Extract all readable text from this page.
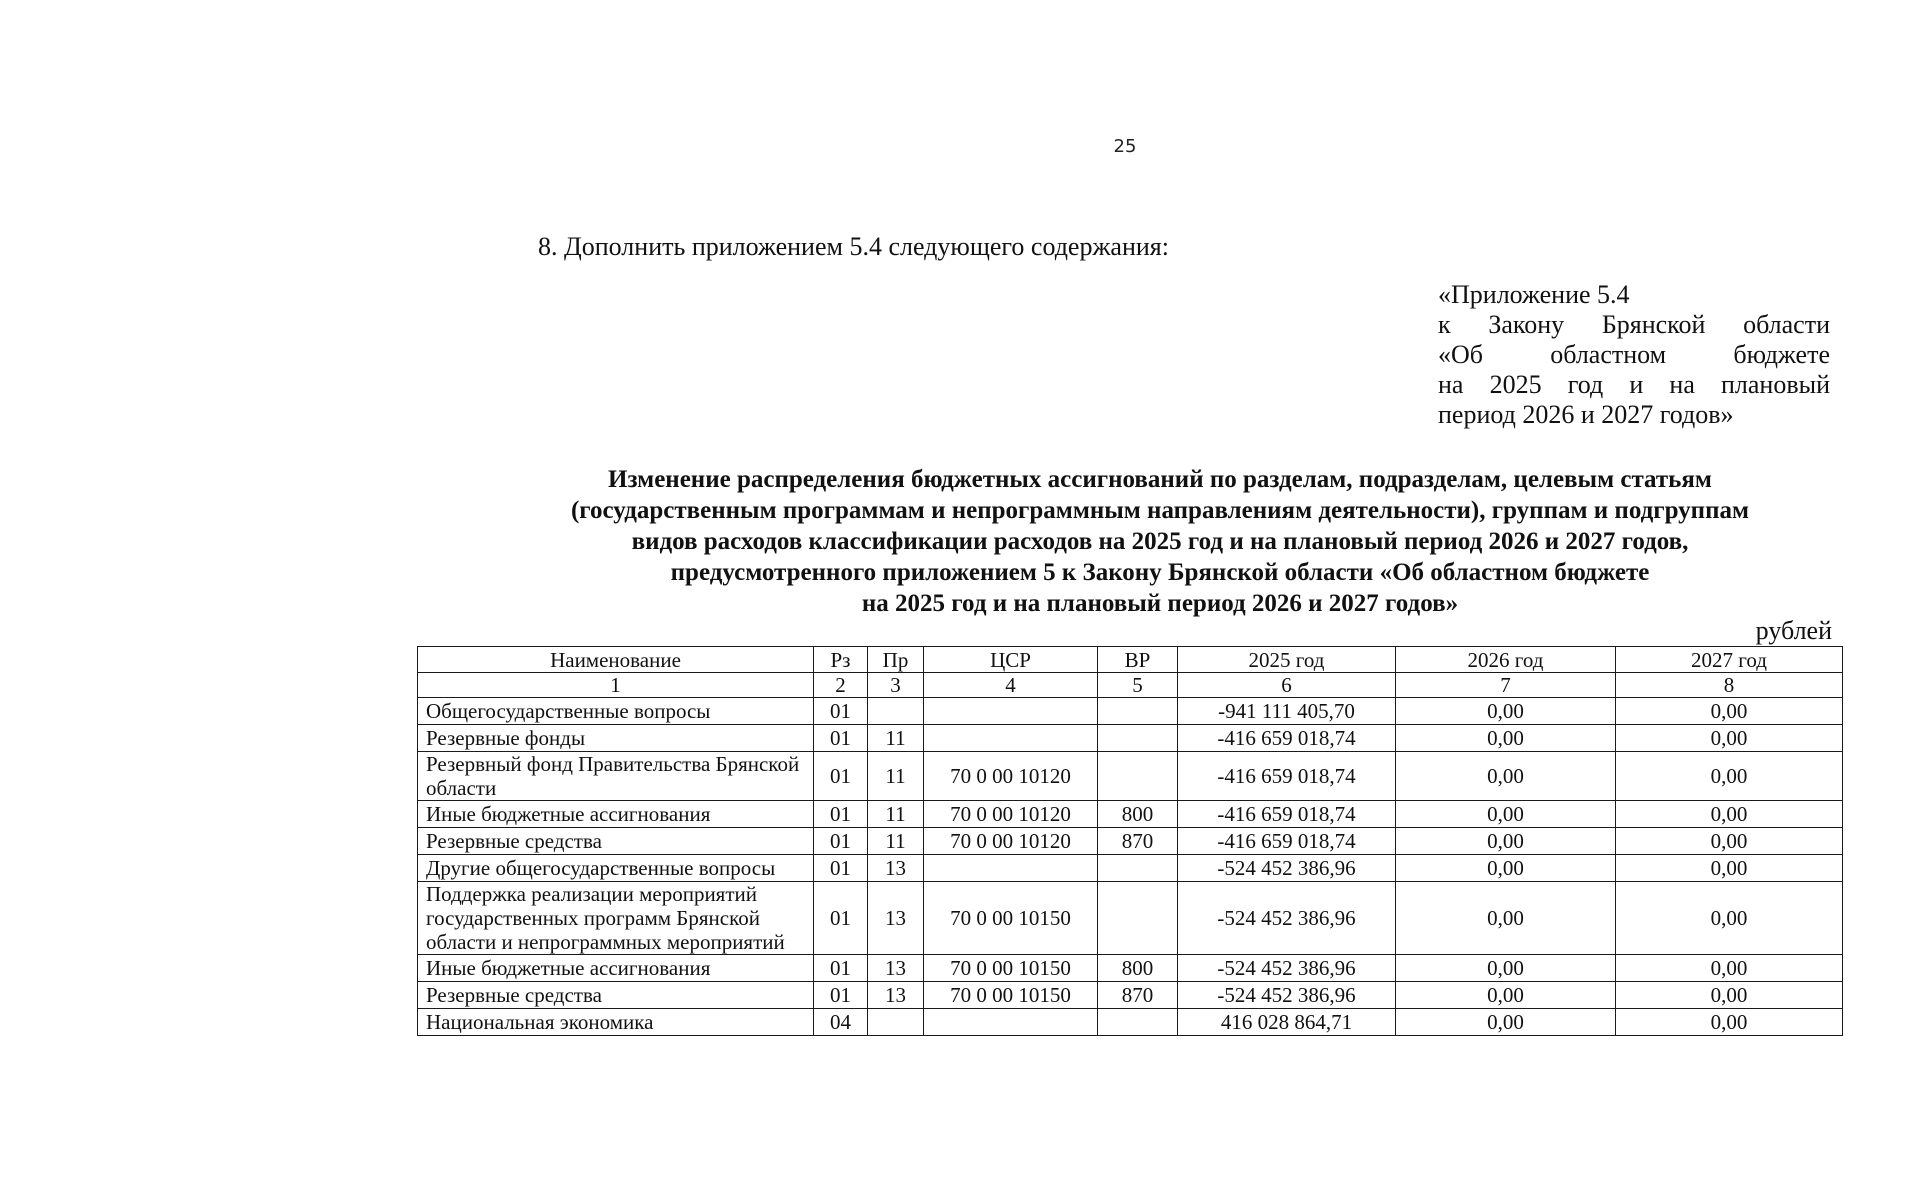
25
8. Дополнить приложением 5.4 следующего содержания:
«Приложение 5.4
к Закону Брянской области
«Об областном бюджете
на 2025 год и на плановый
период 2026 и 2027 годов»
Изменение распределения бюджетных ассигнований по разделам, подразделам, целевым статьям
(государственным программам и непрограммным направлениям деятельности), группам и подгруппам
видов расходов классификации расходов на 2025 год и на плановый период 2026 и 2027 годов,
предусмотренного приложением 5 к Закону Брянской области «Об областном бюджете
на 2025 год и на плановый период 2026 и 2027 годов»
рублей
Наименование	Рз	Пр	ЦСР	ВР	2025 год	2026 год	2027 год
1	2	3	4	5	6	7	8
Общегосударственные вопросы	01				-941 111 405,70	0,00	0,00
Резервные фонды	01	11			-416 659 018,74	0,00	0,00
Резервный фонд Правительства Брянской области	01	11	70 0 00 10120		-416 659 018,74	0,00	0,00
Иные бюджетные ассигнования	01	11	70 0 00 10120	800	-416 659 018,74	0,00	0,00
Резервные средства	01	11	70 0 00 10120	870	-416 659 018,74	0,00	0,00
Другие общегосударственные вопросы	01	13			-524 452 386,96	0,00	0,00
Поддержка реализации мероприятий государственных программ Брянской области и непрограммных мероприятий	01	13	70 0 00 10150		-524 452 386,96	0,00	0,00
Иные бюджетные ассигнования	01	13	70 0 00 10150	800	-524 452 386,96	0,00	0,00
Резервные средства	01	13	70 0 00 10150	870	-524 452 386,96	0,00	0,00
Национальная экономика	04				416 028 864,71	0,00	0,00
